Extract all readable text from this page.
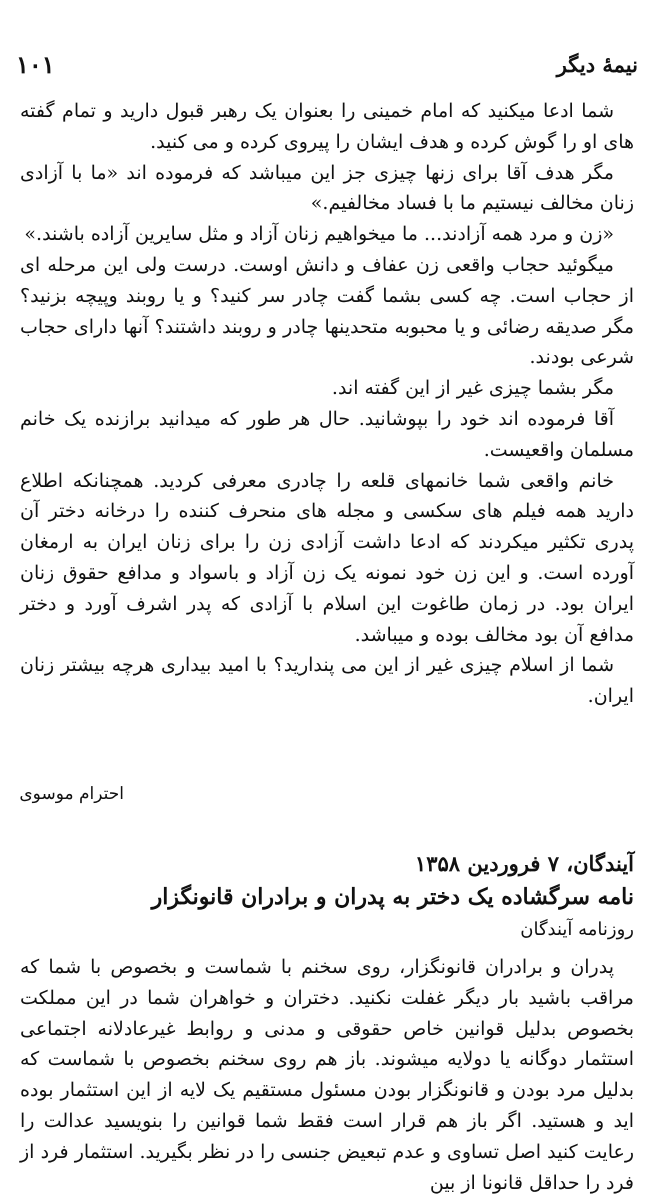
۱۰۱	نیمهٔ دیگر

شما ادعا میکنید که امام خمینی را بعنوان یک رهبر قبول دارید و تمام گفته های او را گوش کرده و هدف ایشان را پیروی کرده و می کنید.

مگر هدف آقا برای زنها چیزی جز این میباشد که فرموده اند «ما با آزادی زنان مخالف نیستیم ما با فساد مخالفیم.»

«زن و مرد همه آزادند... ما میخواهیم زنان آزاد و مثل سایرین آزاده باشند.»

میگوئید حجاب واقعی زن عفاف و دانش اوست. درست ولی این مرحله ای از حجاب است. چه کسی بشما گفت چادر سر کنید؟ و یا روبند وپیچه بزنید؟ مگر صدیقه رضائی و یا محبوبه متحدینها چادر و روبند داشتند؟ آنها دارای حجاب شرعی بودند.

مگر بشما چیزی غیر از این گفته اند.

آقا فرموده اند خود را بپوشانید. حال هر طور که میدانید برازنده یک خانم مسلمان واقعیست.

خانم واقعی شما خانمهای قلعه را چادری معرفی کردید. همچنانکه اطلاع دارید همه فیلم های سکسی و مجله های منحرف کننده را درخانه دختر آن پدری تکثیر میکردند که ادعا داشت آزادی زن را برای زنان ایران به ارمغان آورده است. و این زن خود نمونه یک زن آزاد و باسواد و مدافع حقوق زنان ایران بود. در زمان طاغوت این اسلام با آزادی که پدر اشرف آورد و دختر مدافع آن بود مخالف بوده و میباشد.

شما از اسلام چیزی غیر از این می پندارید؟ با امید بیداری هرچه بیشتر زنان ایران.

احترام موسوی
آیندگان، ۷ فروردین ۱۳۵۸
نامه سرگشاده یک دختر به پدران و برادران قانونگزار
روزنامه آیندگان

پدران و برادران قانونگزار، روی سخنم با شماست و بخصوص با شما که مراقب باشید بار دیگر غفلت نکنید. دختران و خواهران شما در این مملکت بخصوص بدلیل قوانین خاص حقوقی و مدنی و روابط غیرعادلانه اجتماعی استثمار دوگانه یا دولایه میشوند. باز هم روی سخنم بخصوص با شماست که بدلیل مرد بودن و قانونگزار بودن مسئول مستقیم یک لایه از این استثمار بوده اید و هستید. اگر باز هم قرار است فقط شما قوانین را بنویسید عدالت را رعایت کنید اصل تساوی و عدم تبعیض جنسی را در نظر بگیرید. استثمار فرد از فرد را حداقل قانونا از بین
